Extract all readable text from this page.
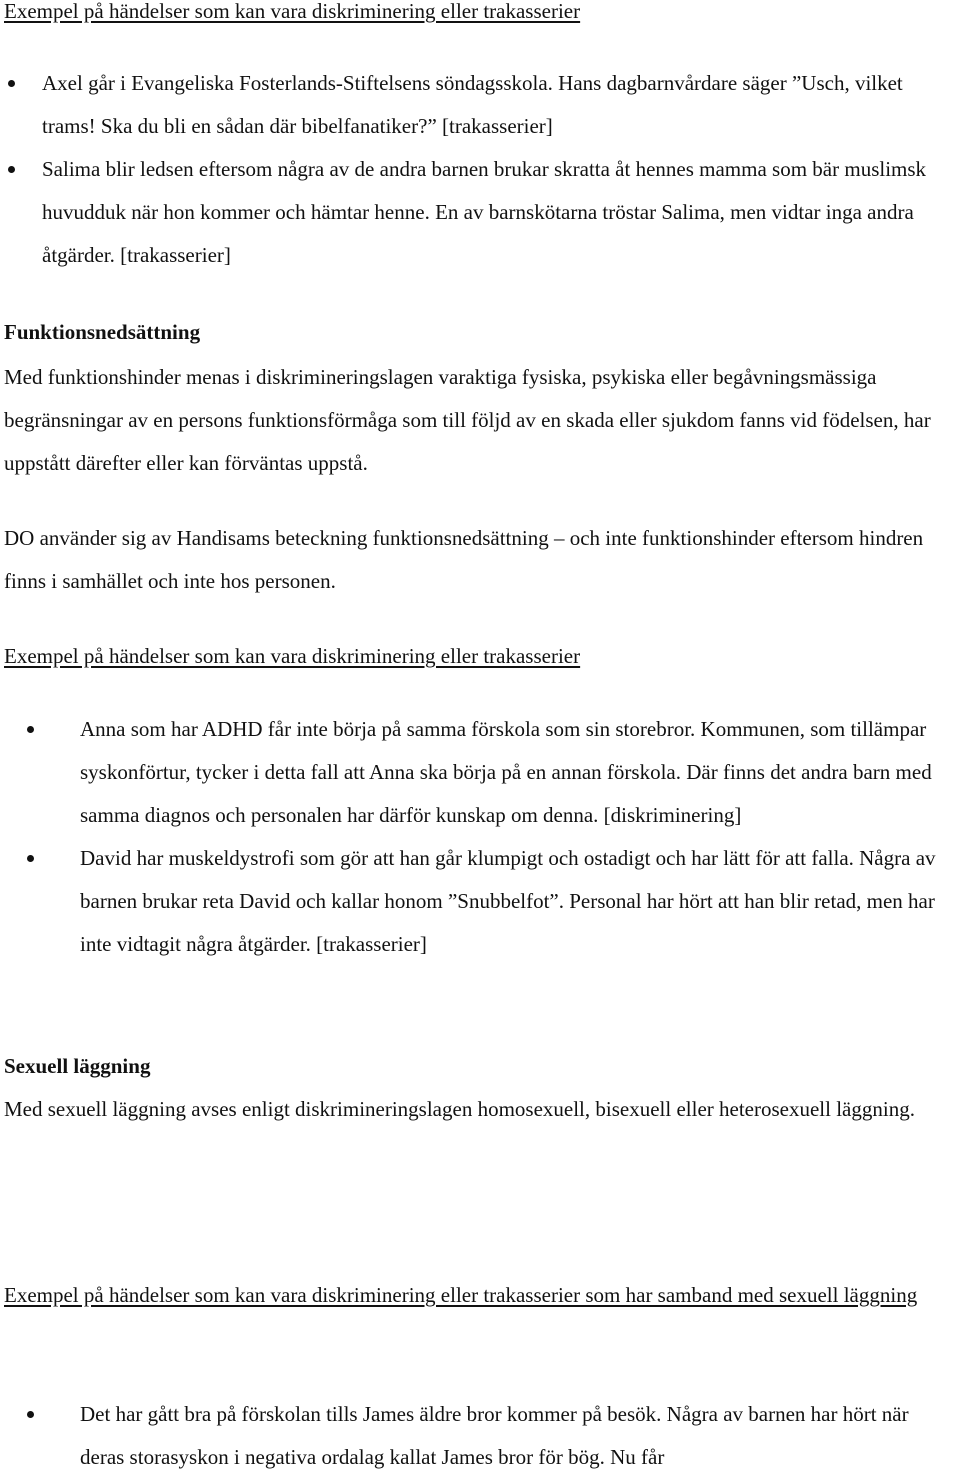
Exempel på händelser som kan vara diskriminering eller trakasserier

Axel går i Evangeliska Fosterlands-Stiftelsens söndagsskola. Hans dagbarnvårdare säger ”Usch, vilket trams! Ska du bli en sådan där bibelfanatiker?” [trakasserier]
Salima blir ledsen eftersom några av de andra barnen brukar skratta åt hennes mamma som bär muslimsk huvudduk när hon kommer och hämtar henne. En av barnskötarna tröstar Salima, men vidtar inga andra åtgärder. [trakasserier]

Funktionsnedsättning

Med funktionshinder menas i diskrimineringslagen varaktiga fysiska, psykiska eller begåvningsmässiga begränsningar av en persons funktionsförmåga som till följd av en skada eller sjukdom fanns vid födelsen, har uppstått därefter eller kan förväntas uppstå.

DO använder sig av Handisams beteckning funktionsnedsättning – och inte funktionshinder eftersom hindren finns i samhället och inte hos personen.

Exempel på händelser som kan vara diskriminering eller trakasserier

Anna som har ADHD får inte börja på samma förskola som sin storebror. Kommunen, som tillämpar syskonförtur, tycker i detta fall att Anna ska börja på en annan förskola. Där finns det andra barn med samma diagnos och personalen har därför kunskap om denna. [diskriminering]
David har muskeldystrofi som gör att han går klumpigt och ostadigt och har lätt för att falla. Några av barnen brukar reta David och kallar honom ”Snubbelfot”. Personal har hört att han blir retad, men har inte vidtagit några åtgärder. [trakasserier]

Sexuell läggning

Med sexuell läggning avses enligt diskrimineringslagen homosexuell, bisexuell eller heterosexuell läggning.

Exempel på händelser som kan vara diskriminering eller trakasserier som har samband med sexuell läggning

Det har gått bra på förskolan tills James äldre bror kommer på besök. Några av barnen har hört när deras storasyskon i negativa ordalag kallat James bror för bög. Nu får
